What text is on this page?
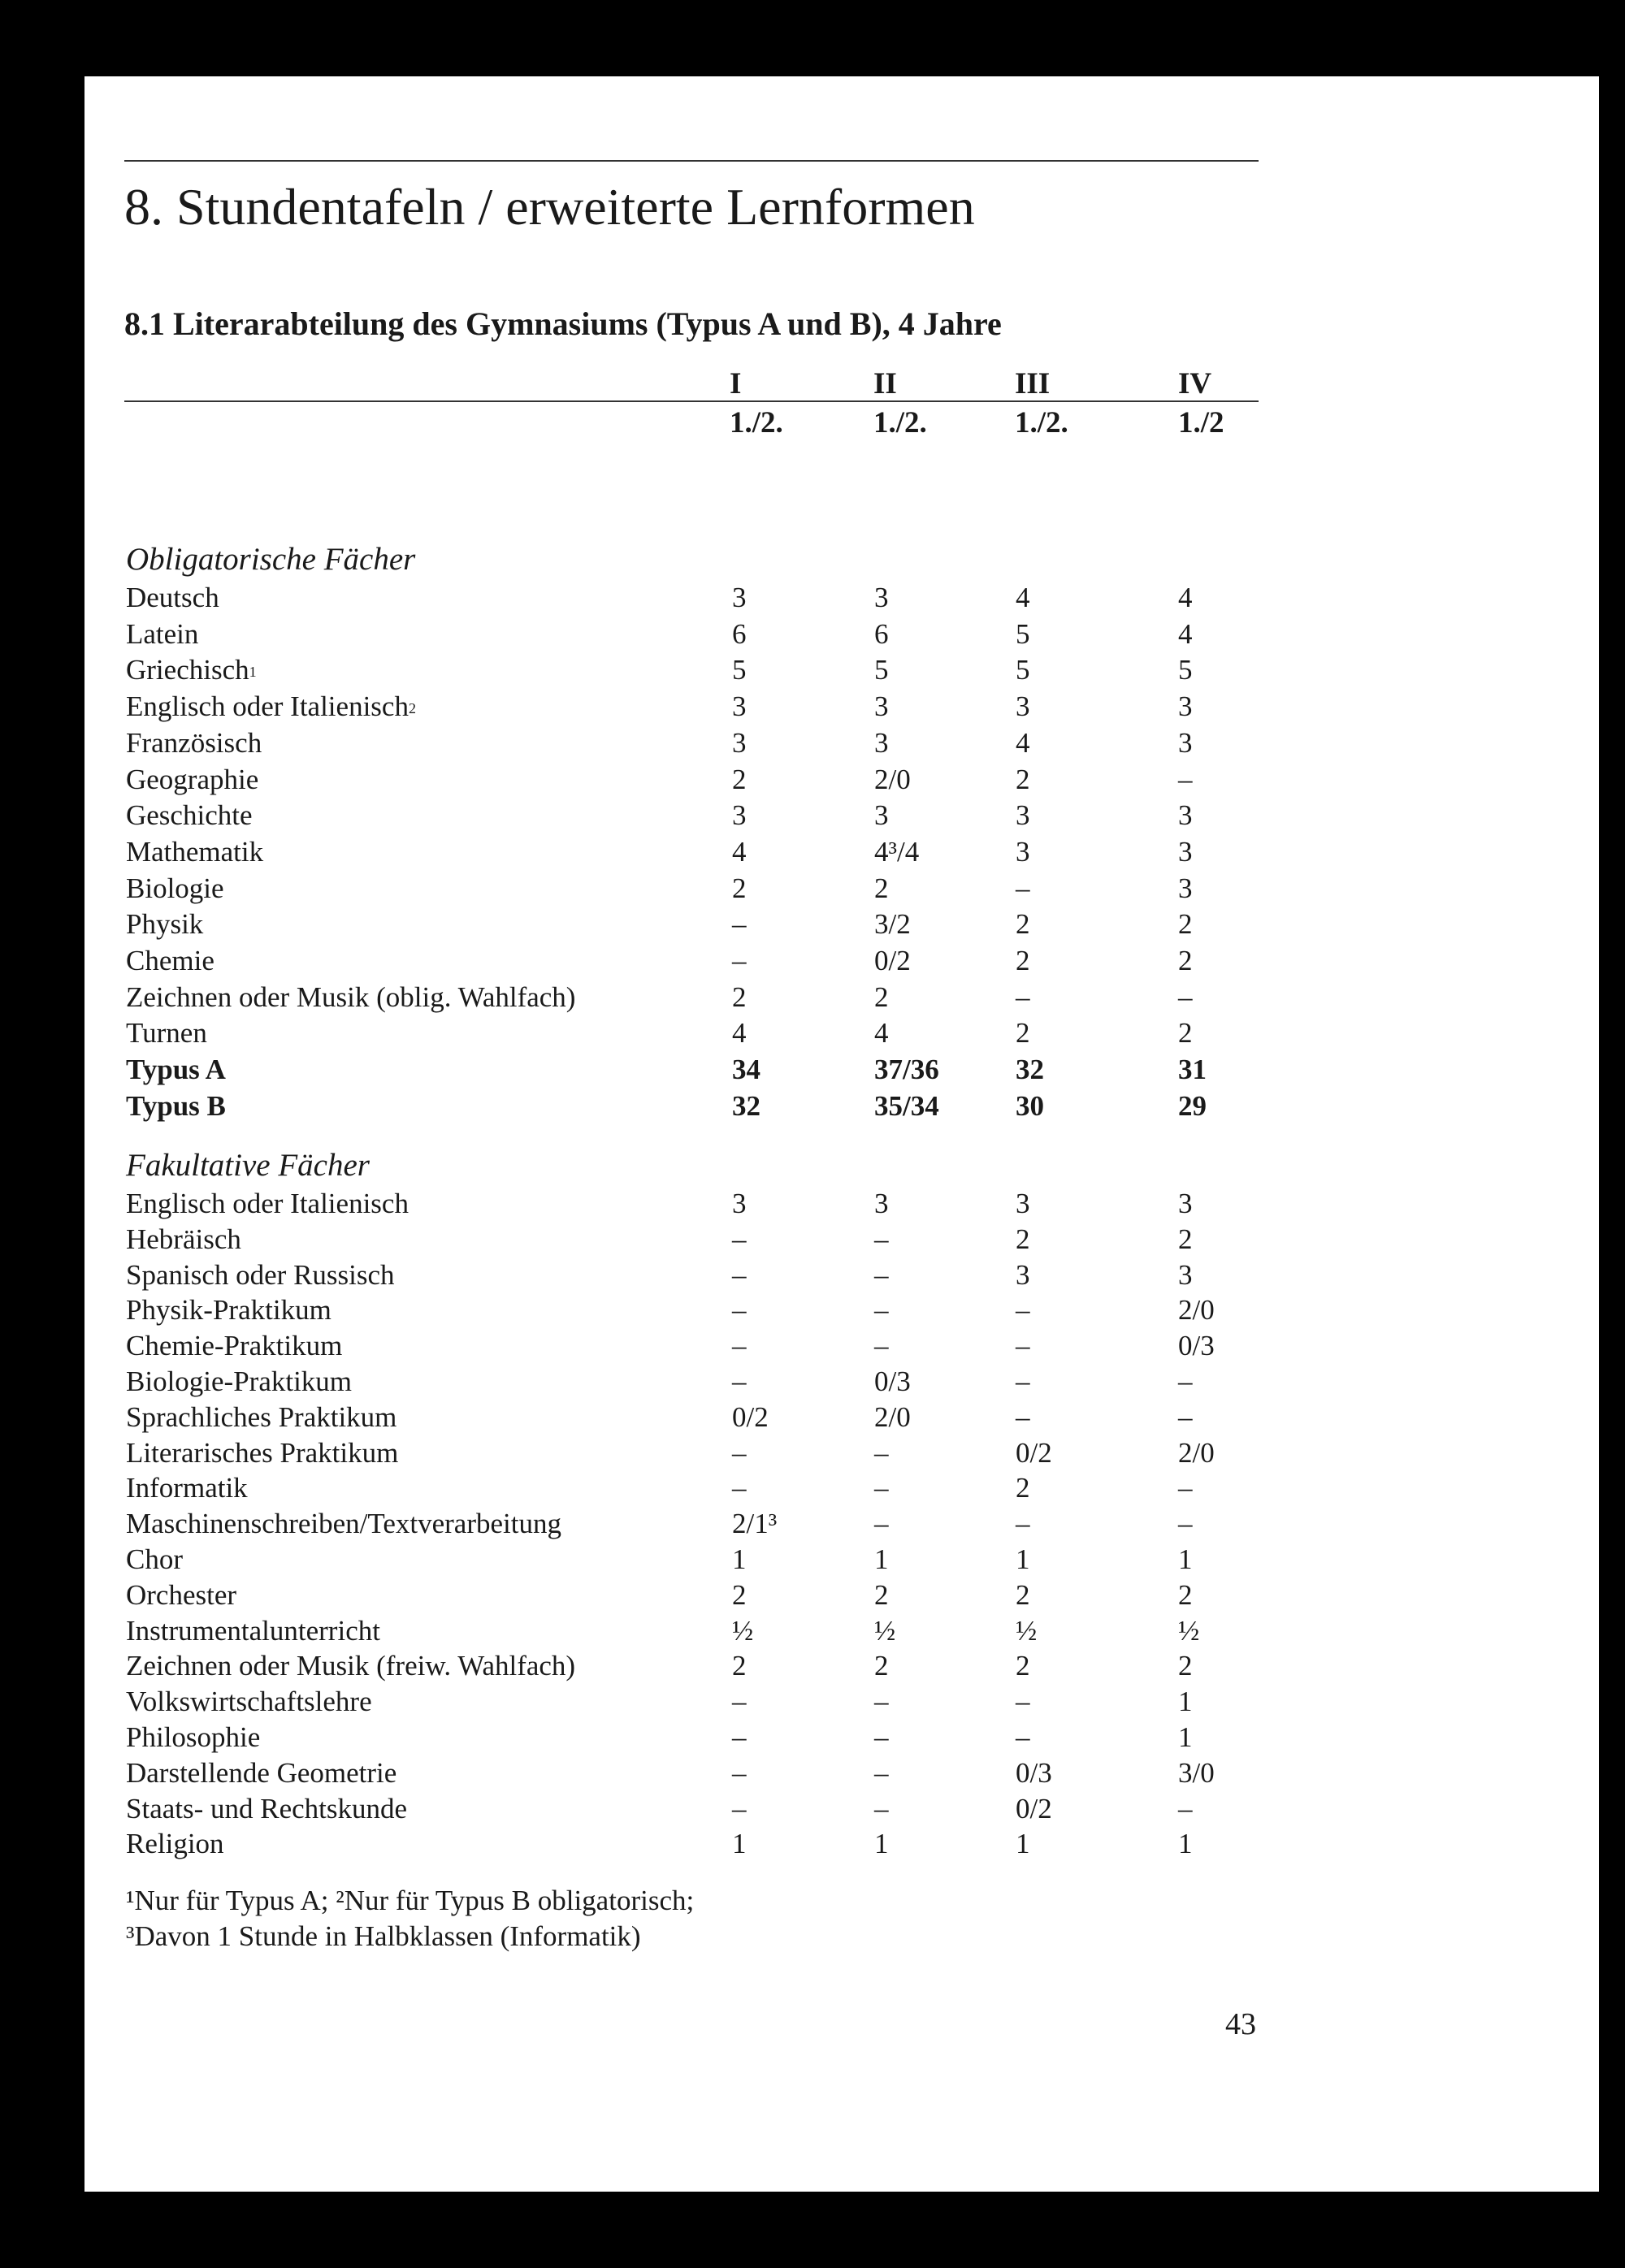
8. Stundentafeln / erweiterte Lernformen
8.1 Literarabteilung des Gymnasiums (Typus A und B), 4 Jahre
I	II	III	IV
1./2.	1./2.	1./2.	1./2
Obligatorische Fächer
Deutsch	3	3	4	4
Latein	6	6	5	4
Griechisch$^1$	5	5	5	5
Englisch oder Italienisch$^2$	3	3	3	3
Französisch	3	3	4	3
Geographie	2	2/0	2	–
Geschichte	3	3	3	3
Mathematik	4	4³/4	3	3
Biologie	2	2	–	3
Physik	–	3/2	2	2
Chemie	–	0/2	2	2
Zeichnen oder Musik (oblig. Wahlfach)	2	2	–	–
Turnen	4	4	2	2
Typus A	34	37/36	32	31
Typus B	32	35/34	30	29
Fakultative Fächer
Englisch oder Italienisch	3	3	3	3
Hebräisch	–	–	2	2
Spanisch oder Russisch	–	–	3	3
Physik-Praktikum	–	–	–	2/0
Chemie-Praktikum	–	–	–	0/3
Biologie-Praktikum	–	0/3	–	–
Sprachliches Praktikum	0/2	2/0	–	–
Literarisches Praktikum	–	–	0/2	2/0
Informatik	–	–	2	–
Maschinenschreiben/Textverarbeitung	2/1³	–	–	–
Chor	1	1	1	1
Orchester	2	2	2	2
Instrumentalunterricht	½	½	½	½
Zeichnen oder Musik (freiw. Wahlfach)	2	2	2	2
Volkswirtschaftslehre	–	–	–	1
Philosophie	–	–	–	1
Darstellende Geometrie	–	–	0/3	3/0
Staats- und Rechtskunde	–	–	0/2	–
Religion	1	1	1	1
¹Nur für Typus A; ²Nur für Typus B obligatorisch;
³Davon 1 Stunde in Halbklassen (Informatik)
43
